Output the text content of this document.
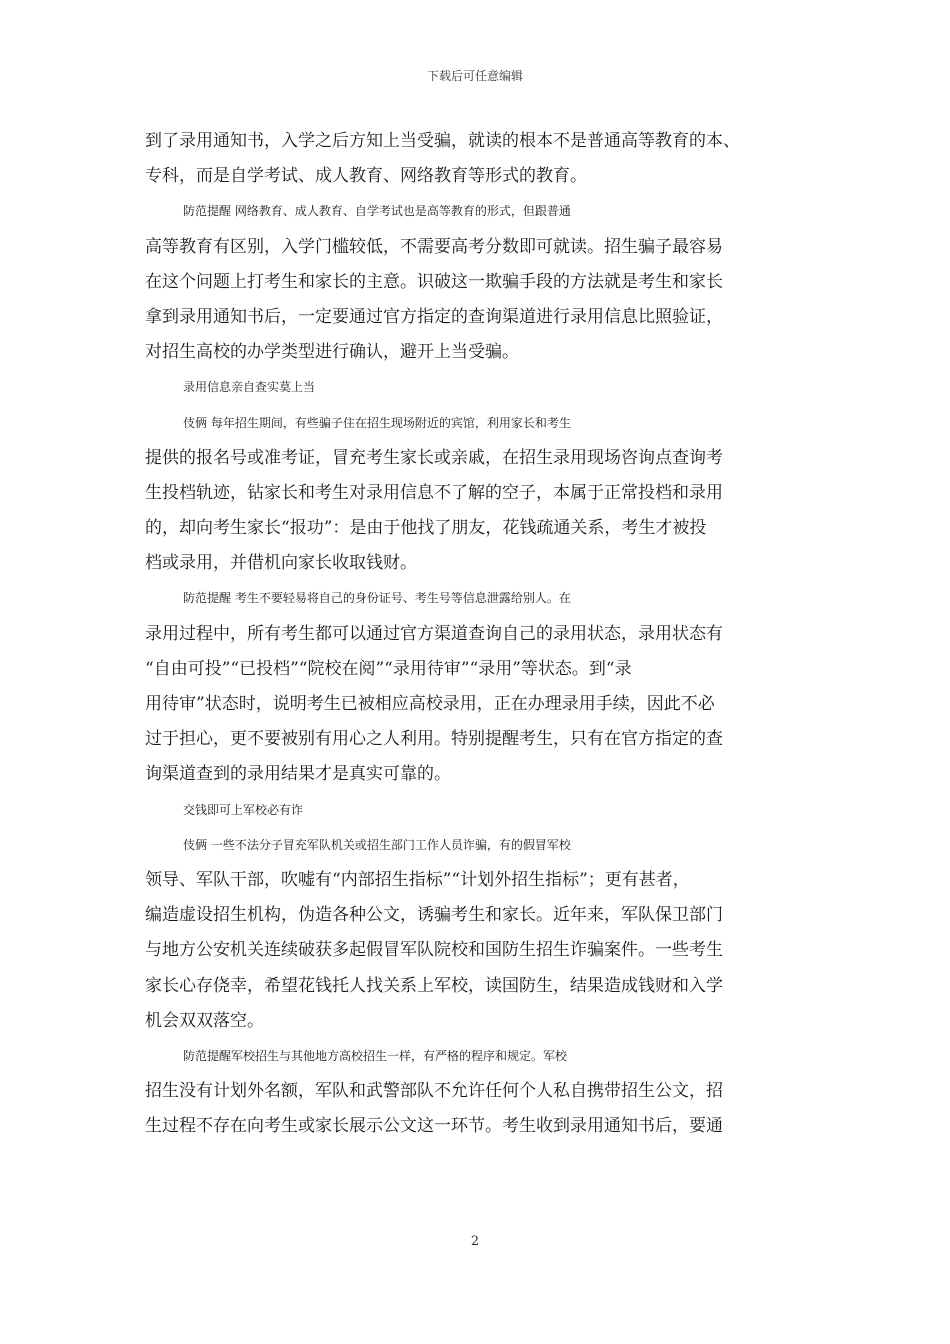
下载后可任意编辑
到了录用通知书，入学之后方知上当受骗，就读的根本不是普通高等教育的本、
专科，而是自学考试、成人教育、网络教育等形式的教育。
防范提醒 网络教育、成人教育、自学考试也是高等教育的形式，但跟普通
高等教育有区别，入学门槛较低，不需要高考分数即可就读。招生骗子最容易
在这个问题上打考生和家长的主意。识破这一欺骗手段的方法就是考生和家长
拿到录用通知书后，一定要通过官方指定的查询渠道进行录用信息比照验证，
对招生高校的办学类型进行确认，避开上当受骗。
录用信息亲自查实莫上当
伎俩 每年招生期间，有些骗子住在招生现场附近的宾馆，利用家长和考生
提供的报名号或准考证，冒充考生家长或亲戚，在招生录用现场咨询点查询考
生投档轨迹，钻家长和考生对录用信息不了解的空子，本属于正常投档和录用
的，却向考生家长“报功”：是由于他找了朋友，花钱疏通关系，考生才被投
档或录用，并借机向家长收取钱财。
防范提醒 考生不要轻易将自己的身份证号、考生号等信息泄露给别人。在
录用过程中，所有考生都可以通过官方渠道查询自己的录用状态，录用状态有
“自由可投”“已投档”“院校在阅”“录用待审”“录用”等状态。到“录
用待审”状态时，说明考生已被相应高校录用，正在办理录用手续，因此不必
过于担心，更不要被别有用心之人利用。特别提醒考生，只有在官方指定的查
询渠道查到的录用结果才是真实可靠的。
交钱即可上军校必有诈
伎俩 一些不法分子冒充军队机关或招生部门工作人员诈骗，有的假冒军校
领导、军队干部，吹嘘有“内部招生指标”“计划外招生指标”；更有甚者，
编造虚设招生机构，伪造各种公文，诱骗考生和家长。近年来，军队保卫部门
与地方公安机关连续破获多起假冒军队院校和国防生招生诈骗案件。一些考生
家长心存侥幸，希望花钱托人找关系上军校，读国防生，结果造成钱财和入学
机会双双落空。
防范提醒军校招生与其他地方高校招生一样，有严格的程序和规定。军校
招生没有计划外名额，军队和武警部队不允许任何个人私自携带招生公文，招
生过程不存在向考生或家长展示公文这一环节。考生收到录用通知书后，要通
2
